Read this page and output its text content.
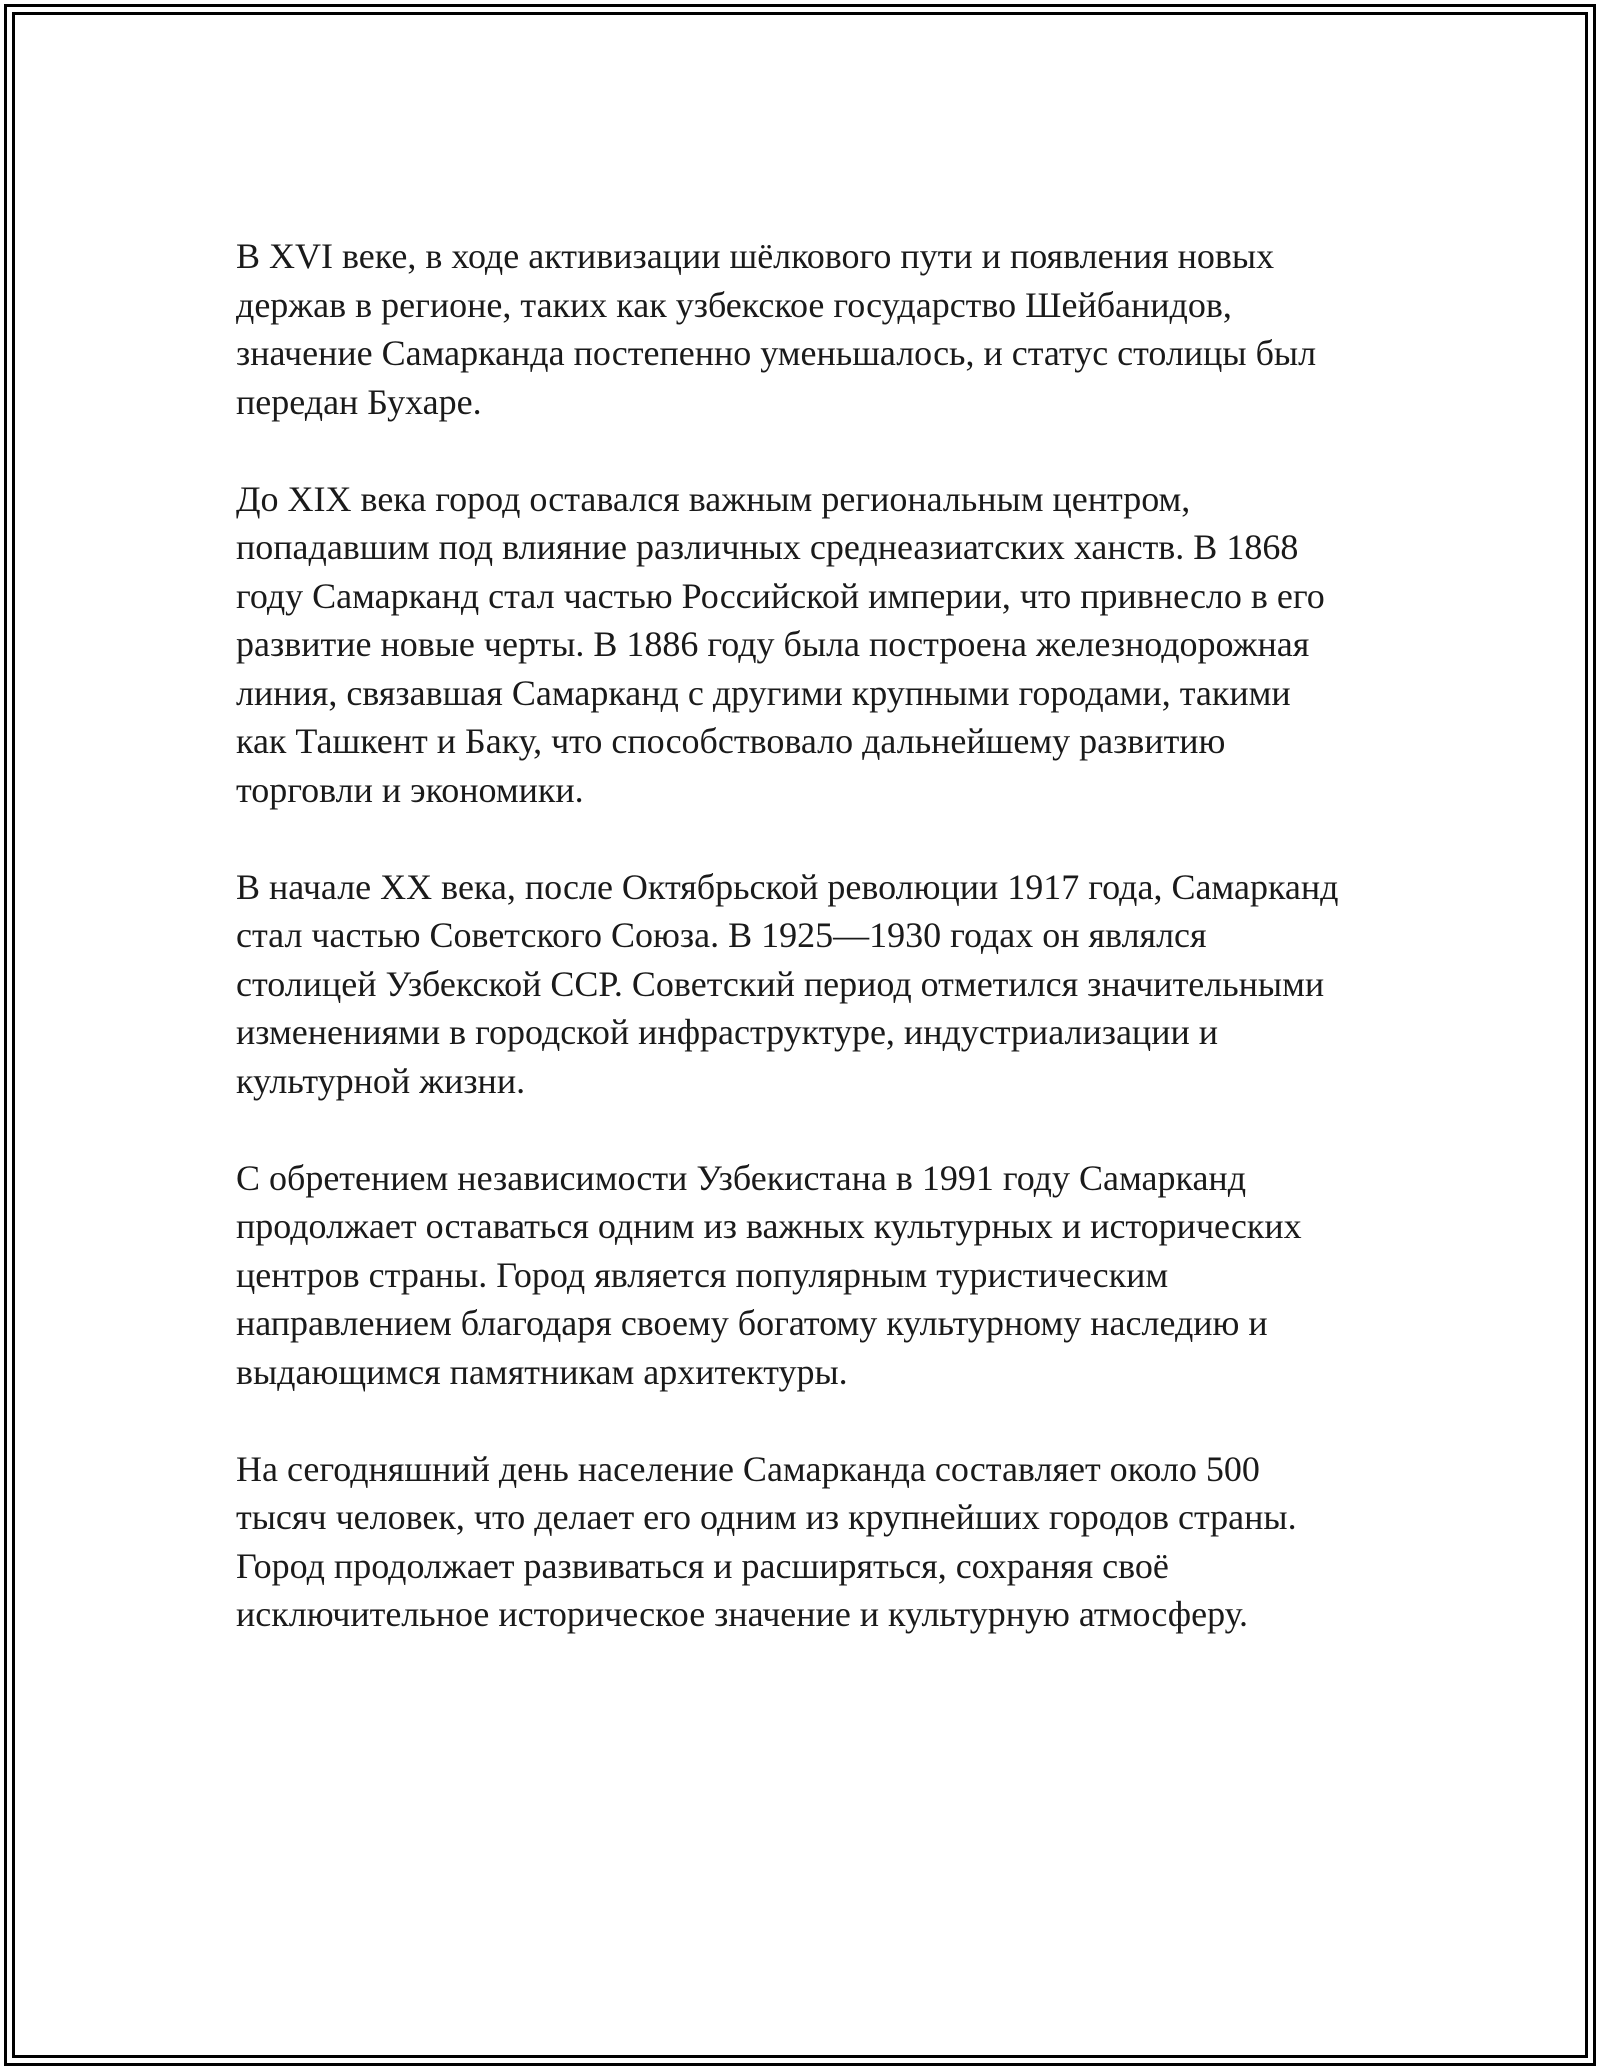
В XVI веке, в ходе активизации шёлкового пути и появления новых
держав в регионе, таких как узбекское государство Шейбанидов,
значение Самарканда постепенно уменьшалось, и статус столицы был
передан Бухаре.

До XIX века город оставался важным региональным центром,
попадавшим под влияние различных среднеазиатских ханств. В 1868
году Самарканд стал частью Российской империи, что привнесло в его
развитие новые черты. В 1886 году была построена железнодорожная
линия, связавшая Самарканд с другими крупными городами, такими
как Ташкент и Баку, что способствовало дальнейшему развитию
торговли и экономики.

В начале XX века, после Октябрьской революции 1917 года, Самарканд
стал частью Советского Союза. В 1925—1930 годах он являлся
столицей Узбекской ССР. Советский период отметился значительными
изменениями в городской инфраструктуре, индустриализации и
культурной жизни.

С обретением независимости Узбекистана в 1991 году Самарканд
продолжает оставаться одним из важных культурных и исторических
центров страны. Город является популярным туристическим
направлением благодаря своему богатому культурному наследию и
выдающимся памятникам архитектуры.

На сегодняшний день население Самарканда составляет около 500
тысяч человек, что делает его одним из крупнейших городов страны.
Город продолжает развиваться и расширяться, сохраняя своё
исключительное историческое значение и культурную атмосферу.
